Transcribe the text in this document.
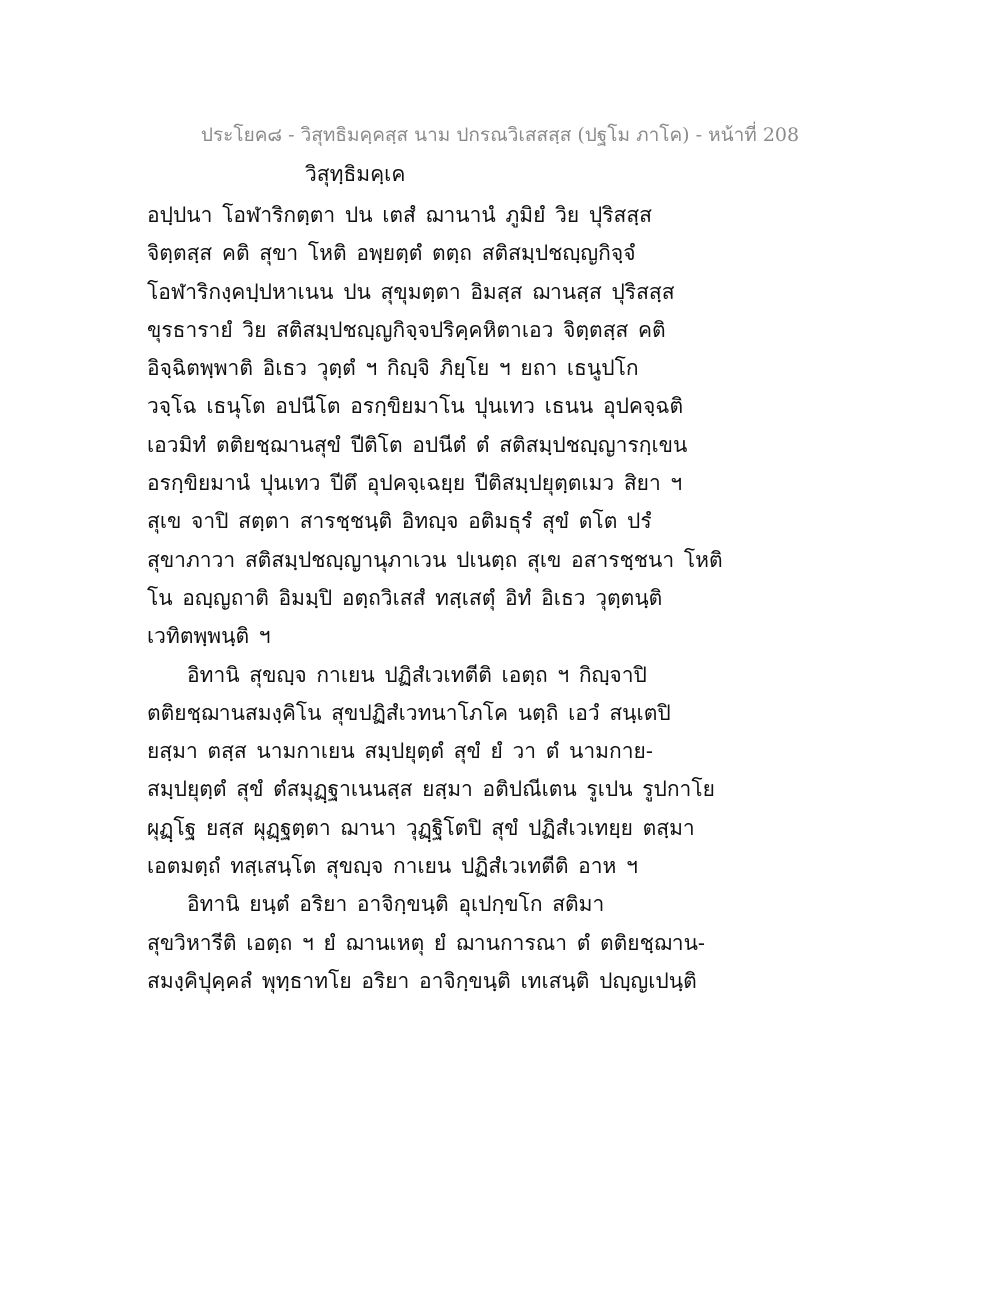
ประโยค๘ - วิสุทธิมคฺคสฺส นาม ปกรณวิเสสสฺส (ปฐโม ภาโค) - หน้าที่ 208
วิสุทฺธิมคฺเค
อปฺปนา โอฬาริกตฺตา ปน เตสํ ฌานานํ ภูมิยํ วิย ปุริสสฺส
จิตฺตสฺส คติ สุขา โหติ อพฺยตฺตํ ตตฺถ สติสมฺปชญฺญกิจฺจํ
โอฬาริกงฺคปฺปหาเนน ปน สุขุมตฺตา อิมสฺส ฌานสฺส ปุริสสฺส
ขุรธารายํ วิย สติสมฺปชญฺญกิจฺจปริคฺคหิตาเอว จิตฺตสฺส คติ
อิจฺฉิตพฺพาติ อิเธว วุตฺตํ ฯ กิญฺจิ ภิยฺโย ฯ ยถา เธนูปโก
วจฺโฉ เธนุโต อปนีโต อรกฺขิยมาโน ปุนเทว เธนน อุปคจฺฉติ
เอวมิทํ ตติยชฺฌานสุขํ ปีติโต อปนีตํ ตํ สติสมฺปชญฺญารกฺเขน
อรกฺขิยมานํ ปุนเทว ปีตึ อุปคจฺเฉยฺย ปีติสมฺปยุตฺตเมว สิยา ฯ
สุเข จาปิ สตฺตา สารชฺชนฺติ อิทญฺจ อติมธุรํ สุขํ ตโต ปรํ
สุขาภาวา สติสมฺปชญฺญานุภาเวน ปเนตฺถ สุเข อสารชฺชนา โหติ
โน อญฺญถาติ อิมมฺปิ อตฺถวิเสสํ ทสฺเสตุํ อิทํ อิเธว วุตฺตนฺติ
เวทิตพฺพนฺติ ฯ
อิทานิ สุขญฺจ กาเยน ปฏิสํเวเทตีติ เอตฺถ ฯ กิญฺจาปิ
ตติยชฺฌานสมงฺคิโน สุขปฏิสํเวทนาโภโค นตฺถิ เอวํ สนฺเตปิ
ยสฺมา ตสฺส นามกาเยน สมฺปยุตฺตํ สุขํ ยํ วา ตํ นามกาย-
สมฺปยุตฺตํ สุขํ ตํสมุฏฺฐาเนนสฺส ยสฺมา อติปณีเตน รูเปน รูปกาโย
ผุฏฺโฐ ยสฺส ผุฏฺฐตฺตา ฌานา วุฏฺฐิโตปิ สุขํ ปฏิสํเวเทยฺย ตสฺมา
เอตมตฺถํ ทสฺเสนฺโต สุขญฺจ กาเยน ปฏิสํเวเทตีติ อาห ฯ
อิทานิ ยนฺตํ อริยา อาจิกฺขนฺติ อุเปกฺขโก สติมา
สุขวิหารีติ เอตฺถ ฯ ยํ ฌานเหตุ ยํ ฌานการณา ตํ ตติยชฺฌาน-
สมงฺคิปุคฺคลํ พุทฺธาทโย อริยา อาจิกฺขนฺติ เทเสนฺติ ปญฺญเปนฺติ
